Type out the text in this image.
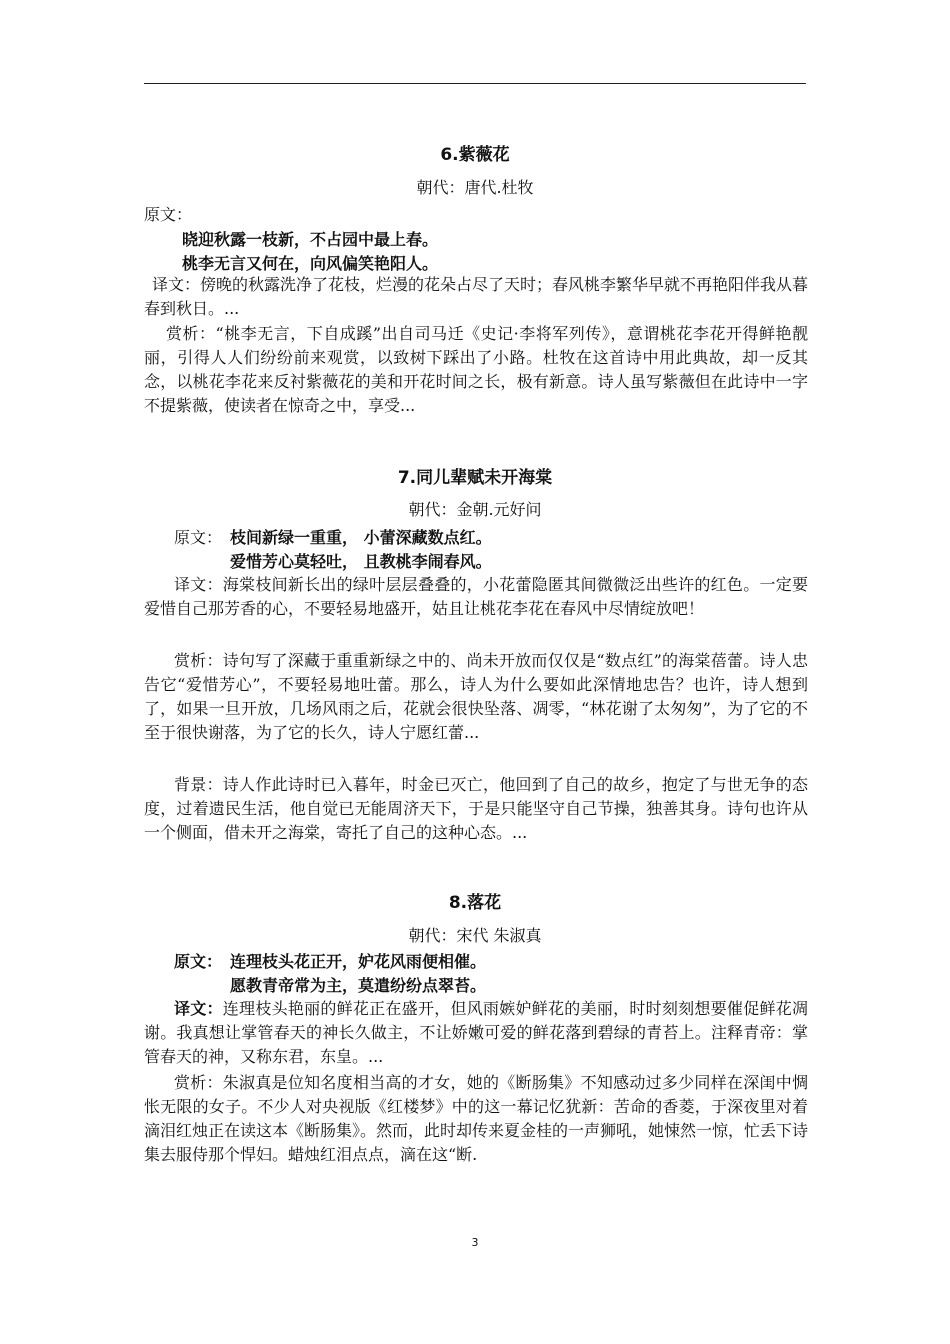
6.紫薇花
朝代：唐代.杜牧
原文：
晓迎秋露一枝新，不占园中最上春。
桃李无言又何在，向风偏笑艳阳人。
译文：傍晚的秋露洗净了花枝，烂漫的花朵占尽了天时；春风桃李繁华早就不再艳阳伴我从暮春到秋日。...
赏析：“桃李无言，下自成蹊”出自司马迁《史记·李将军列传》，意谓桃花李花开得鲜艳靓丽，引得人人们纷纷前来观赏，以致树下踩出了小路。杜牧在这首诗中用此典故，却一反其念，以桃花李花来反衬紫薇花的美和开花时间之长，极有新意。诗人虽写紫薇但在此诗中一字不提紫薇，使读者在惊奇之中，享受...
7.同儿辈赋未开海棠
朝代：金朝.元好问
原文： 枝间新绿一重重， 小蕾深藏数点红。
爱惜芳心莫轻吐， 且教桃李闹春风。
译文：海棠枝间新长出的绿叶层层叠叠的，小花蕾隐匿其间微微泛出些许的红色。一定要爱惜自己那芳香的心，不要轻易地盛开，姑且让桃花李花在春风中尽情绽放吧！
赏析：诗句写了深藏于重重新绿之中的、尚未开放而仅仅是“数点红”的海棠蓓蕾。诗人忠告它“爱惜芳心”，不要轻易地吐蕾。那么，诗人为什么要如此深情地忠告？也许，诗人想到了，如果一旦开放，几场风雨之后，花就会很快坠落、凋零，“林花谢了太匆匆”，为了它的不至于很快谢落，为了它的长久，诗人宁愿红蕾...
背景：诗人作此诗时已入暮年，时金已灭亡，他回到了自己的故乡，抱定了与世无争的态度，过着遗民生活，他自觉已无能周济天下，于是只能坚守自己节操，独善其身。诗句也许从一个侧面，借未开之海棠，寄托了自己的这种心态。...
8.落花
朝代：宋代 朱淑真
原文： 连理枝头花正开，妒花风雨便相催。
愿教青帝常为主，莫遣纷纷点翠苔。
译文：连理枝头艳丽的鲜花正在盛开，但风雨嫉妒鲜花的美丽，时时刻刻想要催促鲜花凋谢。我真想让掌管春天的神长久做主，不让娇嫩可爱的鲜花落到碧绿的青苔上。注释青帝：掌管春天的神，又称东君，东皇。...
赏析：朱淑真是位知名度相当高的才女，她的《断肠集》不知感动过多少同样在深闺中惆怅无限的女子。不少人对央视版《红楼梦》中的这一幕记忆犹新：苦命的香菱，于深夜里对着滴泪红烛正在读这本《断肠集》。然而，此时却传来夏金桂的一声狮吼，她悚然一惊，忙丢下诗集去服侍那个悍妇。蜡烛红泪点点，滴在这“断.
3
